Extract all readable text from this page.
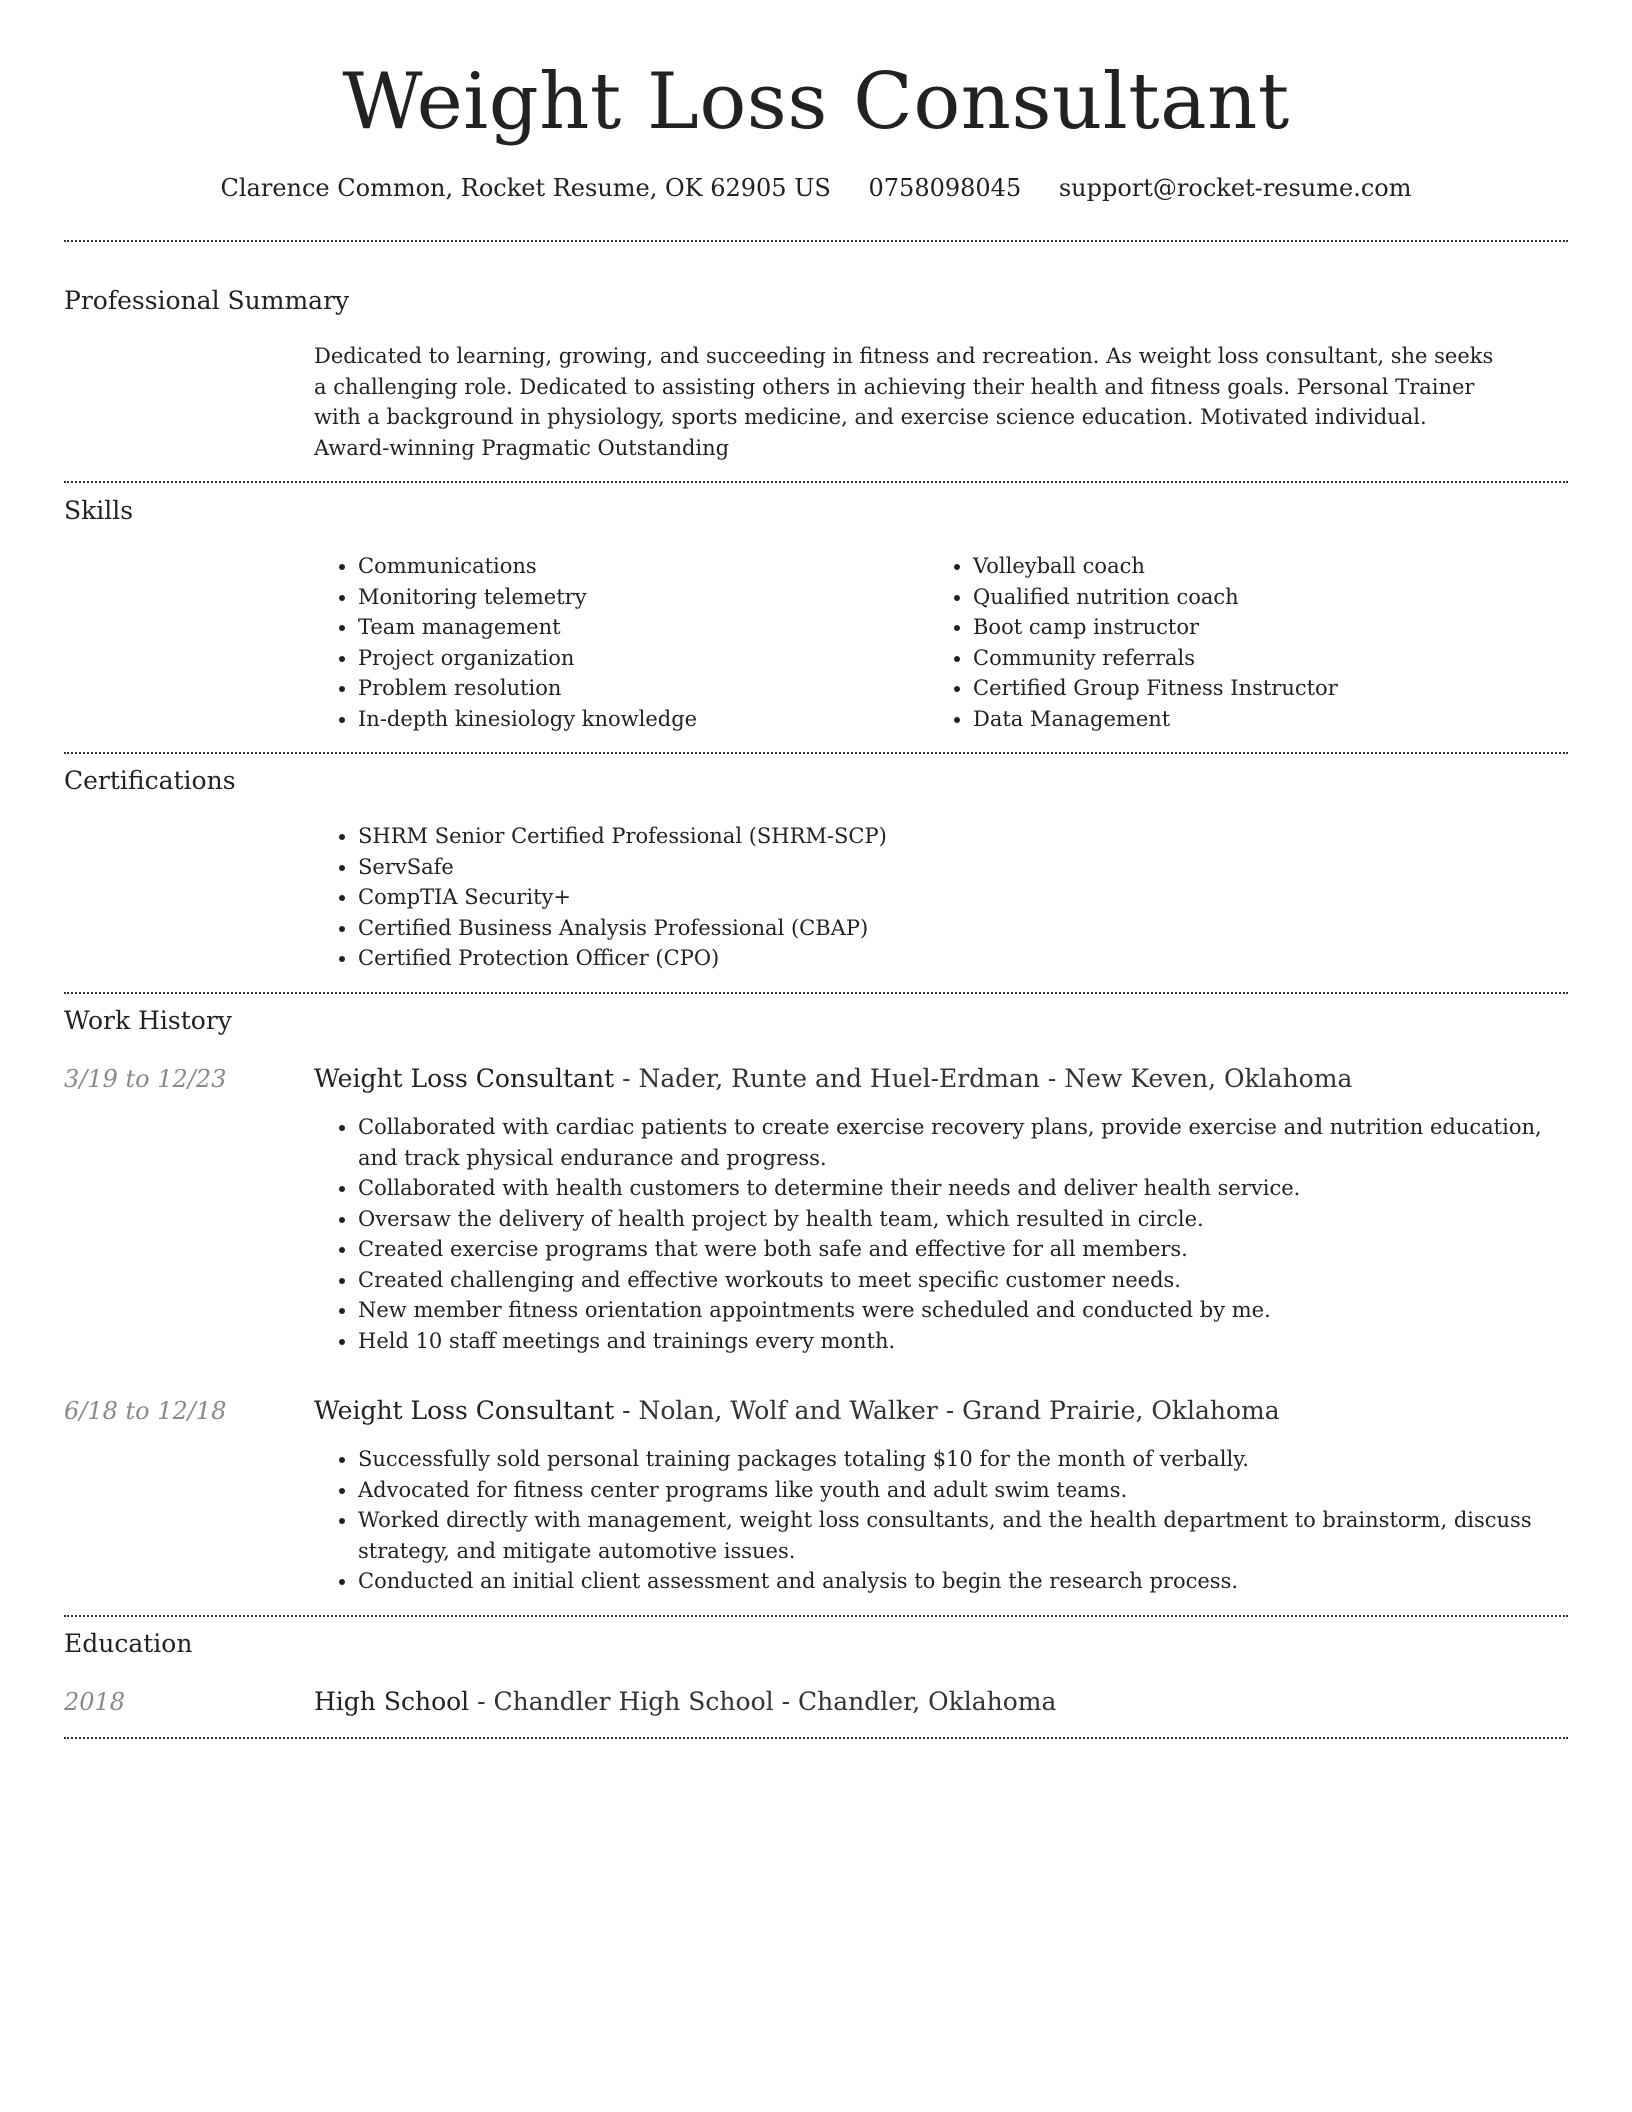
Weight Loss Consultant
Clarence Common, Rocket Resume, OK 62905 US 0758098045 support@rocket-resume.com
Professional Summary

Dedicated to learning, growing, and succeeding in fitness and recreation. As weight loss consultant, she seeks a challenging role. Dedicated to assisting others in achieving their health and fitness goals. Personal Trainer with a background in physiology, sports medicine, and exercise science education. Motivated individual. Award-winning Pragmatic Outstanding

Skills
• Communications
• Monitoring telemetry
• Team management
• Project organization
• Problem resolution
• In-depth kinesiology knowledge
• Volleyball coach
• Qualified nutrition coach
• Boot camp instructor
• Community referrals
• Certified Group Fitness Instructor
• Data Management
Certifications
• SHRM Senior Certified Professional (SHRM-SCP)
• ServSafe
• CompTIA Security+
• Certified Business Analysis Professional (CBAP)
• Certified Protection Officer (CPO)
Work History
3/19 to 12/23	Weight Loss Consultant - Nader, Runte and Huel-Erdman - New Keven, Oklahoma
• Collaborated with cardiac patients to create exercise recovery plans, provide exercise and nutrition education, and track physical endurance and progress.
• Collaborated with health customers to determine their needs and deliver health service.
• Oversaw the delivery of health project by health team, which resulted in circle.
• Created exercise programs that were both safe and effective for all members.
• Created challenging and effective workouts to meet specific customer needs.
• New member fitness orientation appointments were scheduled and conducted by me.
• Held 10 staff meetings and trainings every month.
6/18 to 12/18	Weight Loss Consultant - Nolan, Wolf and Walker - Grand Prairie, Oklahoma
• Successfully sold personal training packages totaling $10 for the month of verbally.
• Advocated for fitness center programs like youth and adult swim teams.
• Worked directly with management, weight loss consultants, and the health department to brainstorm, discuss strategy, and mitigate automotive issues.
• Conducted an initial client assessment and analysis to begin the research process.
Education
2018	High School - Chandler High School - Chandler, Oklahoma
